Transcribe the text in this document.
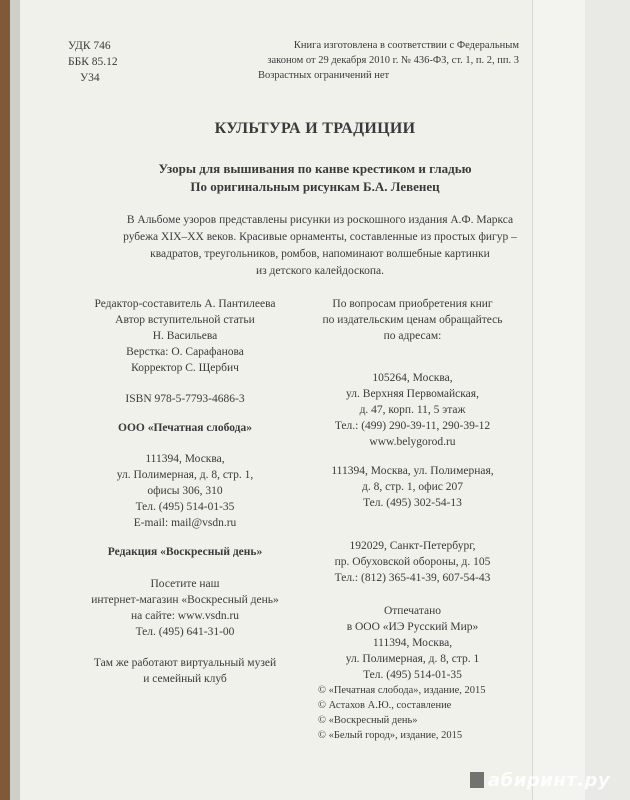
УДК 746
ББК 85.12
У34
Книга изготовлена в соответствии с Федеральным
законом от 29 декабря 2010 г. № 436-ФЗ, ст. 1, п. 2, пп. 3
Возрастных ограничений нет
КУЛЬТУРА И ТРАДИЦИИ
Узоры для вышивания по канве крестиком и гладью
По оригинальным рисункам Б.А. Левенец
В Альбоме узоров представлены рисунки из роскошного издания А.Ф. Маркса
рубежа XIX–XX веков. Красивые орнаменты, составленные из простых фигур –
квадратов, треугольников, ромбов, напоминают волшебные картинки
из детского калейдоскопа.
Редактор-составитель А. Пантилеева
Автор вступительной статьи
Н. Васильева
Верстка: О. Сарафанова
Корректор С. Щербич
ISBN 978-5-7793-4686-3
ООО «Печатная слобода»
111394, Москва,
ул. Полимерная, д. 8, стр. 1,
офисы 306, 310
Тел. (495) 514-01-35
E-mail: mail@vsdn.ru
Редакция «Воскресный день»
Посетите наш
интернет-магазин «Воскресный день»
на сайте: www.vsdn.ru
Тел. (495) 641-31-00
Там же работают виртуальный музей
и семейный клуб
По вопросам приобретения книг
по издательским ценам обращайтесь
по адресам:
105264, Москва,
ул. Верхняя Первомайская,
д. 47, корп. 11, 5 этаж
Тел.: (499) 290-39-11, 290-39-12
www.belygorod.ru
111394, Москва, ул. Полимерная,
д. 8, стр. 1, офис 207
Тел. (495) 302-54-13
192029, Санкт-Петербург,
пр. Обуховской обороны, д. 105
Тел.: (812) 365-41-39, 607-54-43
Отпечатано
в ООО «ИЭ Русский Мир»
111394, Москва,
ул. Полимерная, д. 8, стр. 1
Тел. (495) 514-01-35
© «Печатная слобода», издание, 2015
© Астахов А.Ю., составление
© «Воскресный день»
© «Белый город», издание, 2015
абиринт.ру
